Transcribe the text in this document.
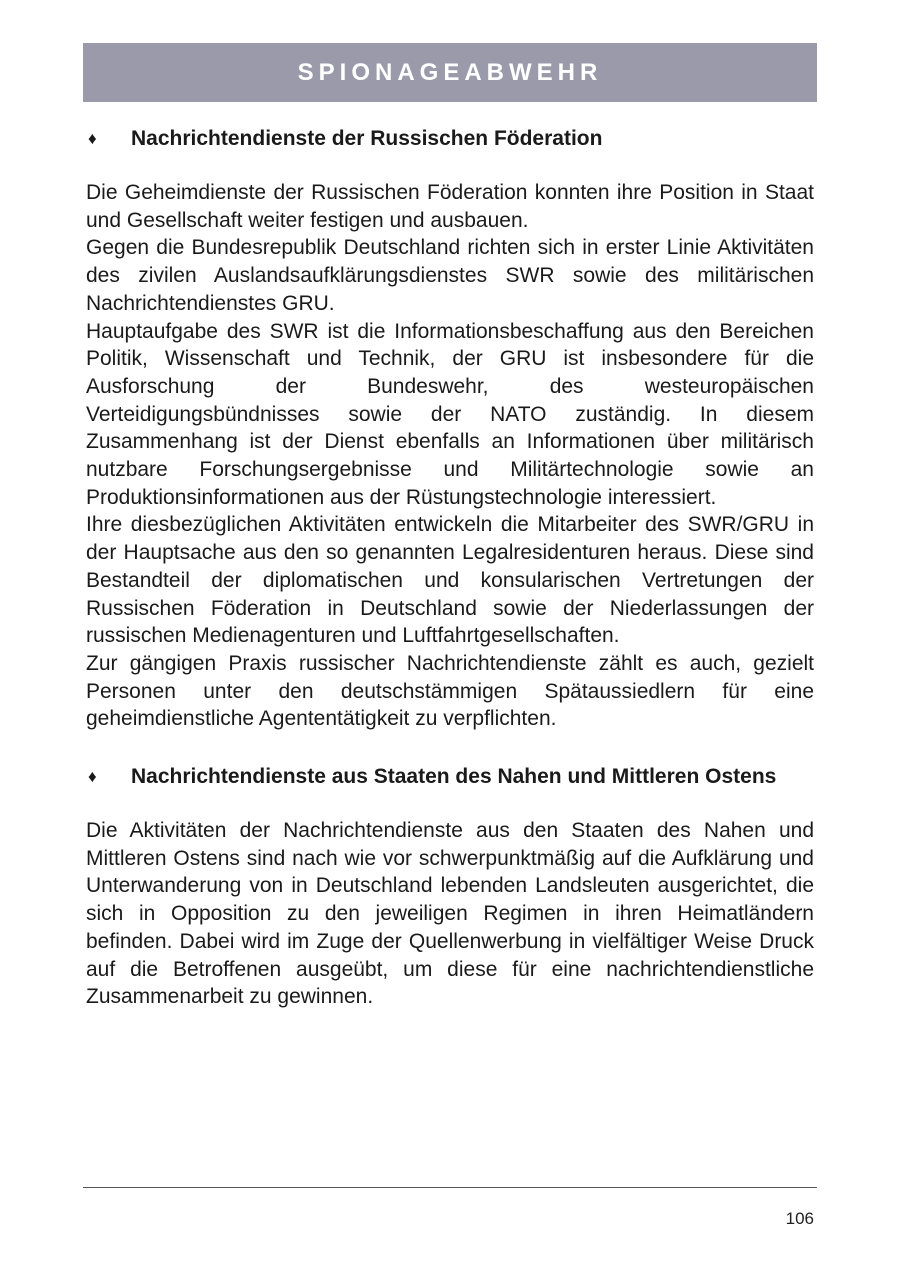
SPIONAGEABWEHR
♦	Nachrichtendienste der Russischen Föderation

Die Geheimdienste der Russischen Föderation konnten ihre Position in Staat und Gesellschaft weiter festigen und ausbauen.

Gegen die Bundesrepublik Deutschland richten sich in erster Linie Aktivitäten des zivilen Auslandsaufklärungsdienstes SWR sowie des militärischen Nachrichtendienstes GRU.

Hauptaufgabe des SWR ist die Informationsbeschaffung aus den Bereichen Politik, Wissenschaft und Technik, der GRU ist insbesondere für die Ausforschung der Bundeswehr, des westeuropäischen Verteidigungsbündnisses sowie der NATO zuständig. In diesem Zusammenhang ist der Dienst ebenfalls an Informationen über militärisch nutzbare Forschungsergebnisse und Militärtechnologie sowie an Produktionsinformationen aus der Rüstungstechnologie interessiert.

Ihre diesbezüglichen Aktivitäten entwickeln die Mitarbeiter des SWR/GRU in der Hauptsache aus den so genannten Legalresidenturen heraus. Diese sind Bestandteil der diplomatischen und konsularischen Vertretungen der Russischen Föderation in Deutschland sowie der Niederlassungen der russischen Medienagenturen und Luftfahrtgesellschaften.

Zur gängigen Praxis russischer Nachrichtendienste zählt es auch, gezielt Personen unter den deutschstämmigen Spätaussiedlern für eine geheimdienstliche Agententätigkeit zu verpflichten.

♦	Nachrichtendienste aus Staaten des Nahen und Mittleren Ostens

Die Aktivitäten der Nachrichtendienste aus den Staaten des Nahen und Mittleren Ostens sind nach wie vor schwerpunktmäßig auf die Aufklärung und Unterwanderung von in Deutschland lebenden Landsleuten ausgerichtet, die sich in Opposition zu den jeweiligen Regimen in ihren Heimatländern befinden. Dabei wird im Zuge der Quellenwerbung in vielfältiger Weise Druck auf die Betroffenen ausgeübt, um diese für eine nachrichtendienstliche Zusammenarbeit zu gewinnen.

106
